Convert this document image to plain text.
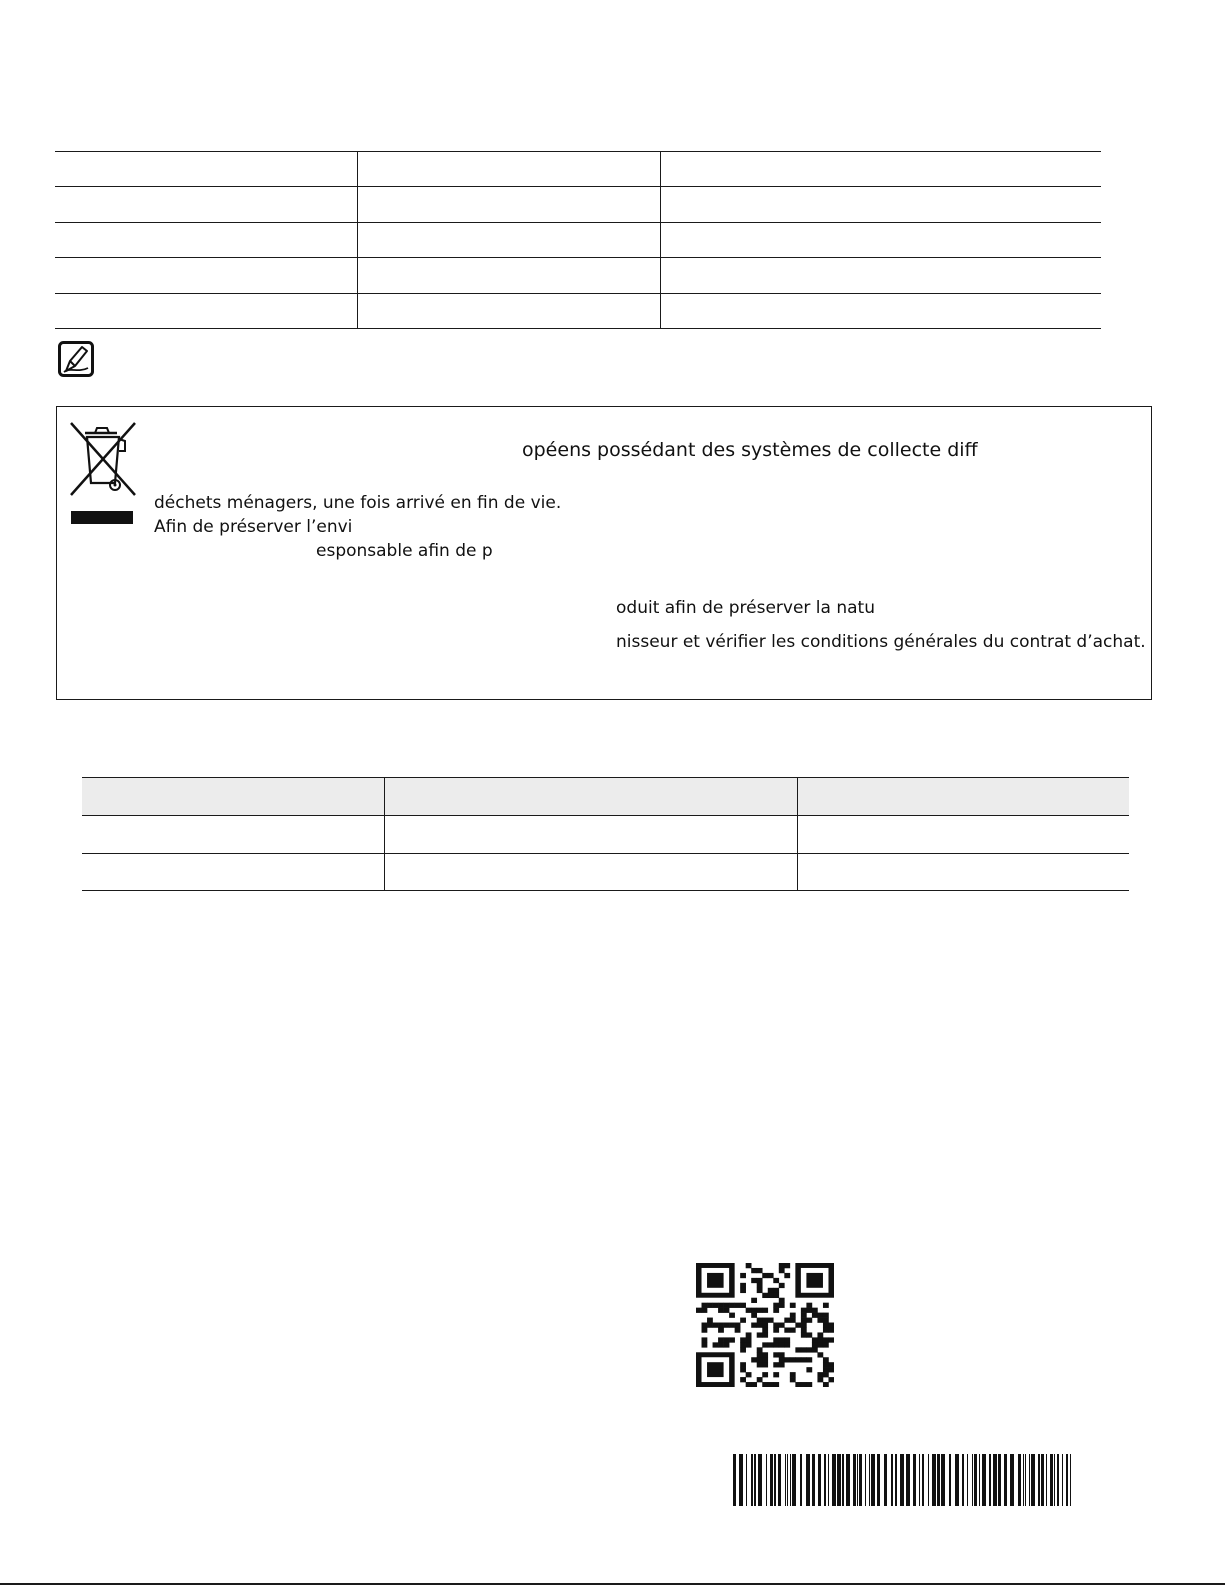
opéens possédant des systèmes de collecte diff
déchets ménagers, une fois arrivé en fin de vie.
Afin de préserver l’envi
esponsable afin de p
oduit afin de préserver la natu
nisseur et vérifier les conditions générales du contrat d’achat.
